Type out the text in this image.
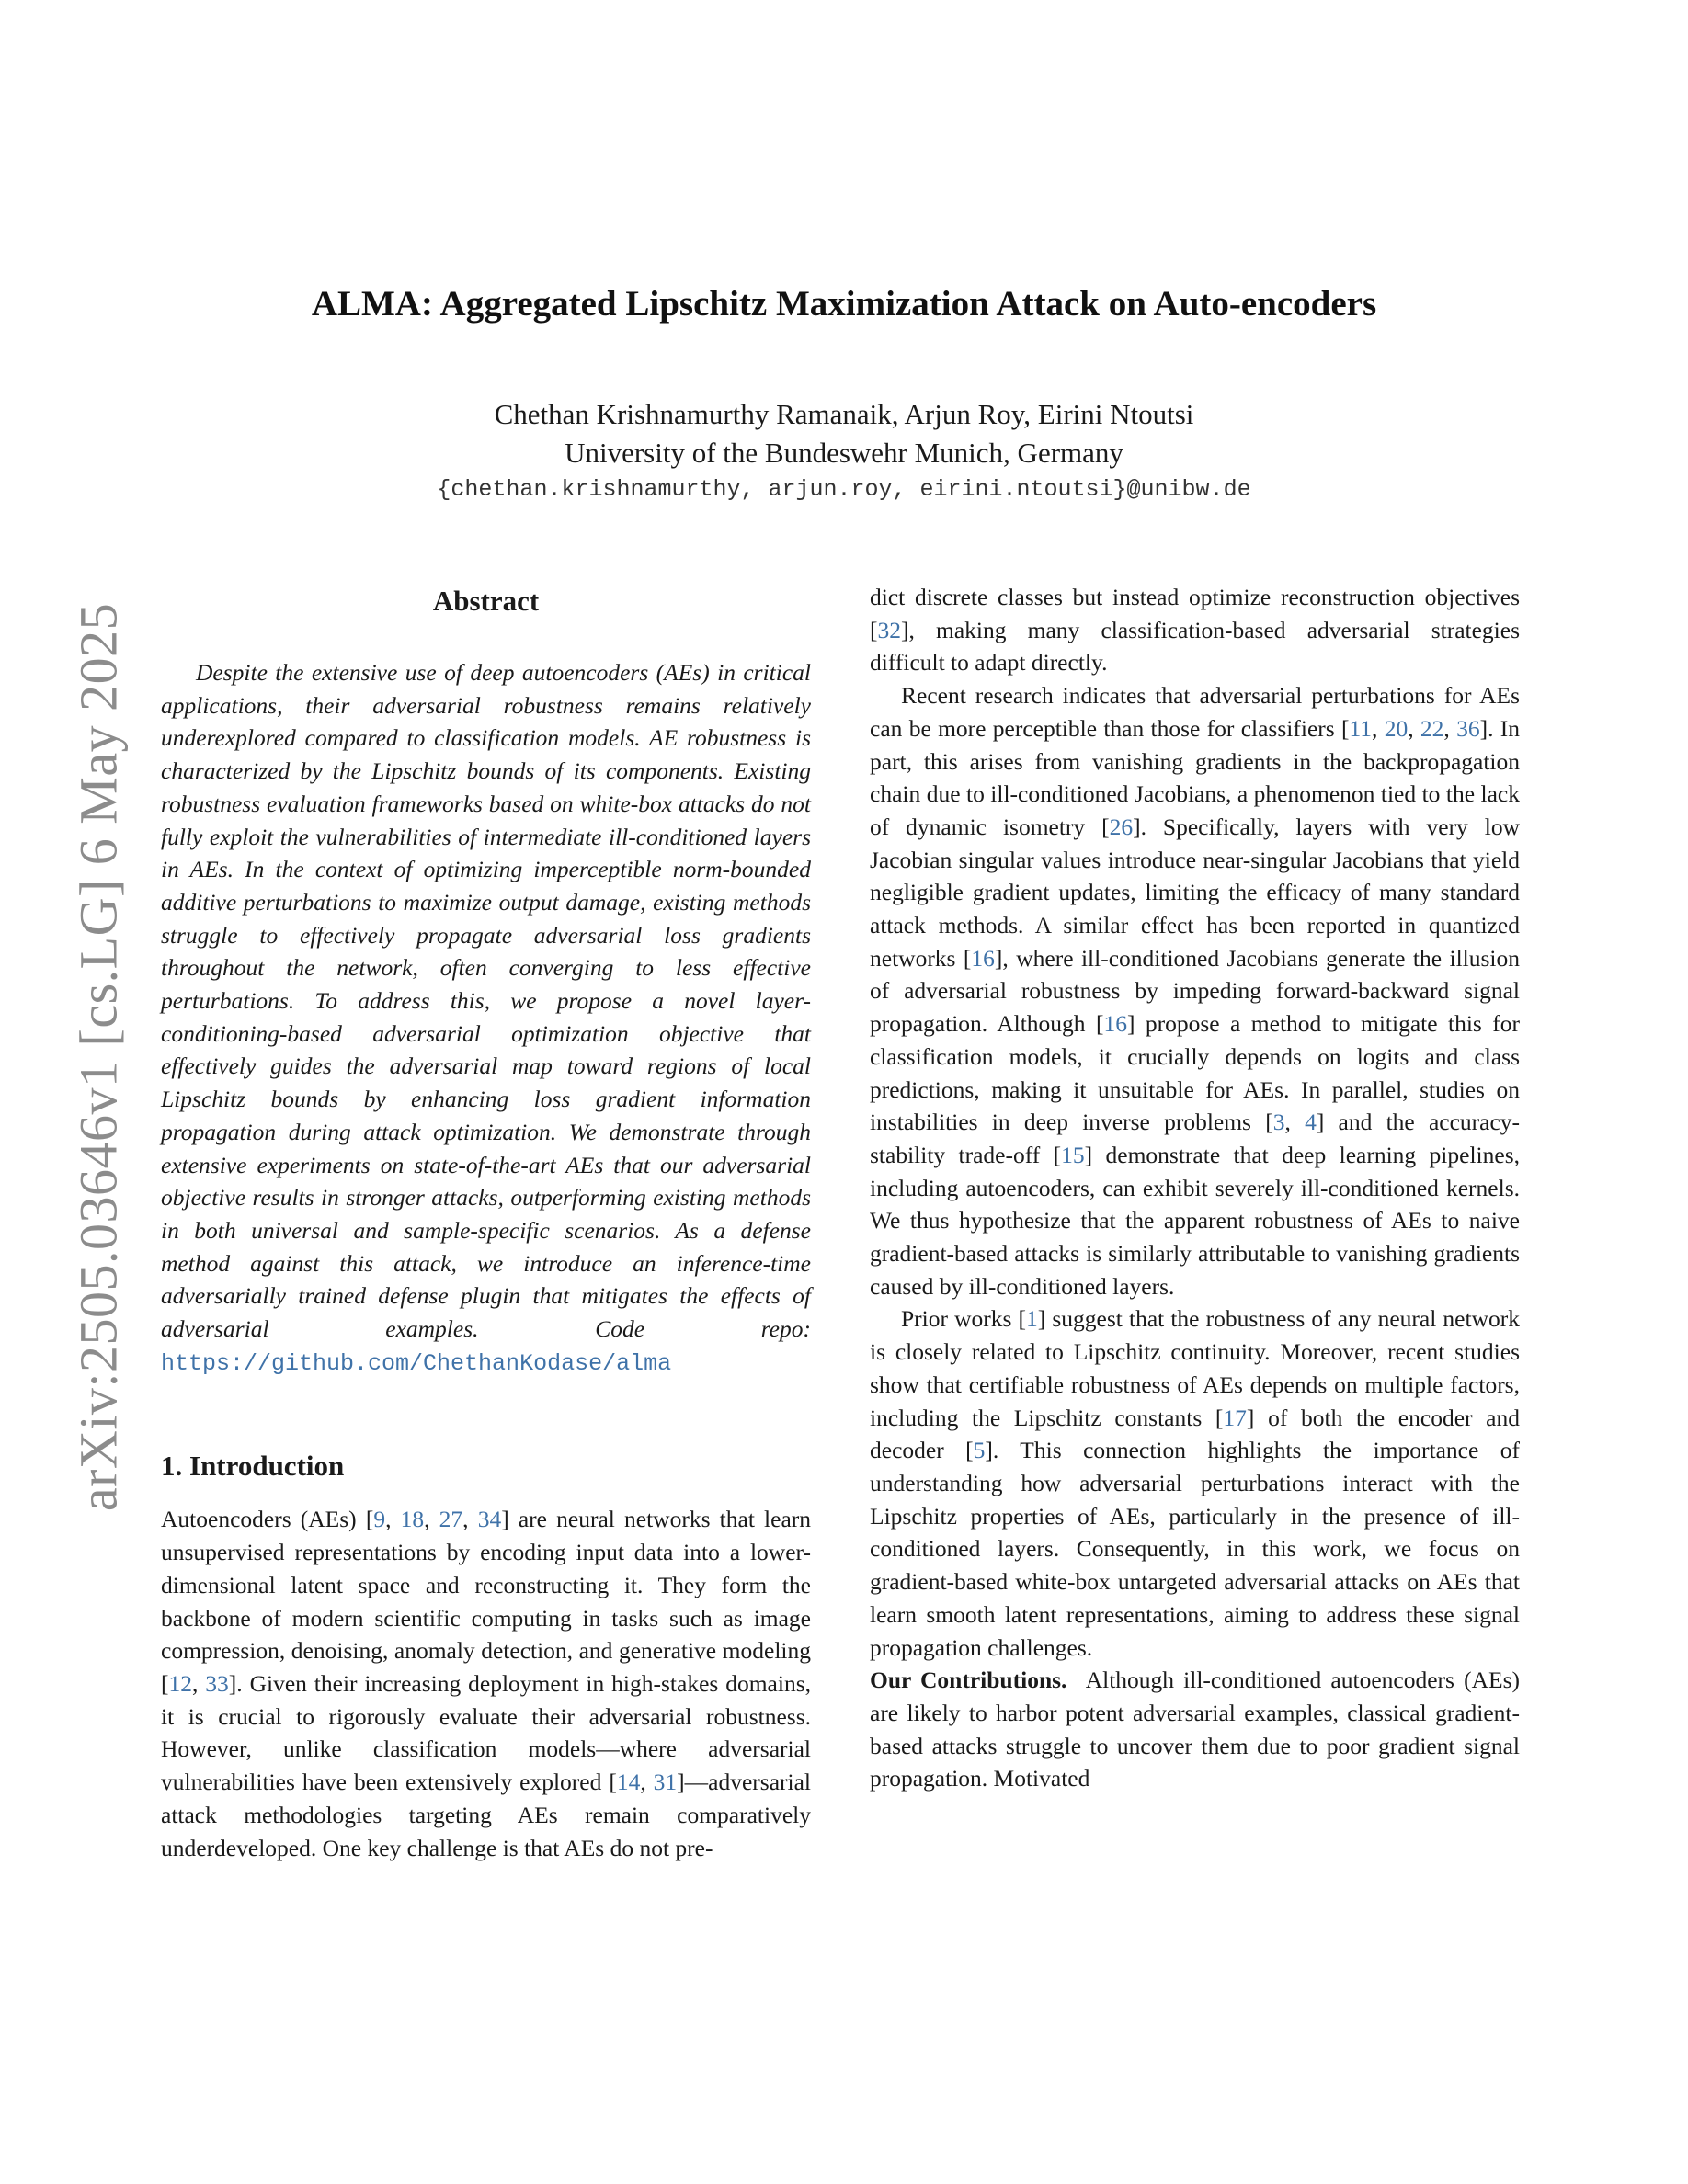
arXiv:2505.03646v1 [cs.LG] 6 May 2025
ALMA: Aggregated Lipschitz Maximization Attack on Auto-encoders
Chethan Krishnamurthy Ramanaik, Arjun Roy, Eirini Ntoutsi
University of the Bundeswehr Munich, Germany
{chethan.krishnamurthy, arjun.roy, eirini.ntoutsi}@unibw.de
Abstract

Despite the extensive use of deep autoencoders (AEs) in critical applications, their adversarial robustness remains relatively underexplored compared to classification models. AE robustness is characterized by the Lipschitz bounds of its components. Existing robustness evaluation frameworks based on white-box attacks do not fully exploit the vulnerabilities of intermediate ill-conditioned layers in AEs. In the context of optimizing imperceptible norm-bounded additive perturbations to maximize output damage, existing methods struggle to effectively propagate adversarial loss gradients throughout the network, often converging to less effective perturbations. To address this, we propose a novel layer-conditioning-based adversarial optimization objective that effectively guides the adversarial map toward regions of local Lipschitz bounds by enhancing loss gradient information propagation during attack optimization. We demonstrate through extensive experiments on state-of-the-art AEs that our adversarial objective results in stronger attacks, outperforming existing methods in both universal and sample-specific scenarios. As a defense method against this attack, we introduce an inference-time adversarially trained defense plugin that mitigates the effects of adversarial examples. Code repo: https://github.com/ChethanKodase/alma

1. Introduction

Autoencoders (AEs) [9, 18, 27, 34] are neural networks that learn unsupervised representations by encoding input data into a lower-dimensional latent space and reconstructing it. They form the backbone of modern scientific computing in tasks such as image compression, denoising, anomaly detection, and generative modeling [12, 33]. Given their increasing deployment in high-stakes domains, it is crucial to rigorously evaluate their adversarial robustness. However, unlike classification models—where adversarial vulnerabilities have been extensively explored [14, 31]—adversarial attack methodologies targeting AEs remain comparatively underdeveloped. One key challenge is that AEs do not pre-

dict discrete classes but instead optimize reconstruction objectives [32], making many classification-based adversarial strategies difficult to adapt directly.

Recent research indicates that adversarial perturbations for AEs can be more perceptible than those for classifiers [11, 20, 22, 36]. In part, this arises from vanishing gradients in the backpropagation chain due to ill-conditioned Jacobians, a phenomenon tied to the lack of dynamic isometry [26]. Specifically, layers with very low Jacobian singular values introduce near-singular Jacobians that yield negligible gradient updates, limiting the efficacy of many standard attack methods. A similar effect has been reported in quantized networks [16], where ill-conditioned Jacobians generate the illusion of adversarial robustness by impeding forward-backward signal propagation. Although [16] propose a method to mitigate this for classification models, it crucially depends on logits and class predictions, making it unsuitable for AEs. In parallel, studies on instabilities in deep inverse problems [3, 4] and the accuracy-stability trade-off [15] demonstrate that deep learning pipelines, including autoencoders, can exhibit severely ill-conditioned kernels. We thus hypothesize that the apparent robustness of AEs to naive gradient-based attacks is similarly attributable to vanishing gradients caused by ill-conditioned layers.

Prior works [1] suggest that the robustness of any neural network is closely related to Lipschitz continuity. Moreover, recent studies show that certifiable robustness of AEs depends on multiple factors, including the Lipschitz constants [17] of both the encoder and decoder [5]. This connection highlights the importance of understanding how adversarial perturbations interact with the Lipschitz properties of AEs, particularly in the presence of ill-conditioned layers. Consequently, in this work, we focus on gradient-based white-box untargeted adversarial attacks on AEs that learn smooth latent representations, aiming to address these signal propagation challenges.

Our Contributions. Although ill-conditioned autoencoders (AEs) are likely to harbor potent adversarial examples, classical gradient-based attacks struggle to uncover them due to poor gradient signal propagation. Motivated
